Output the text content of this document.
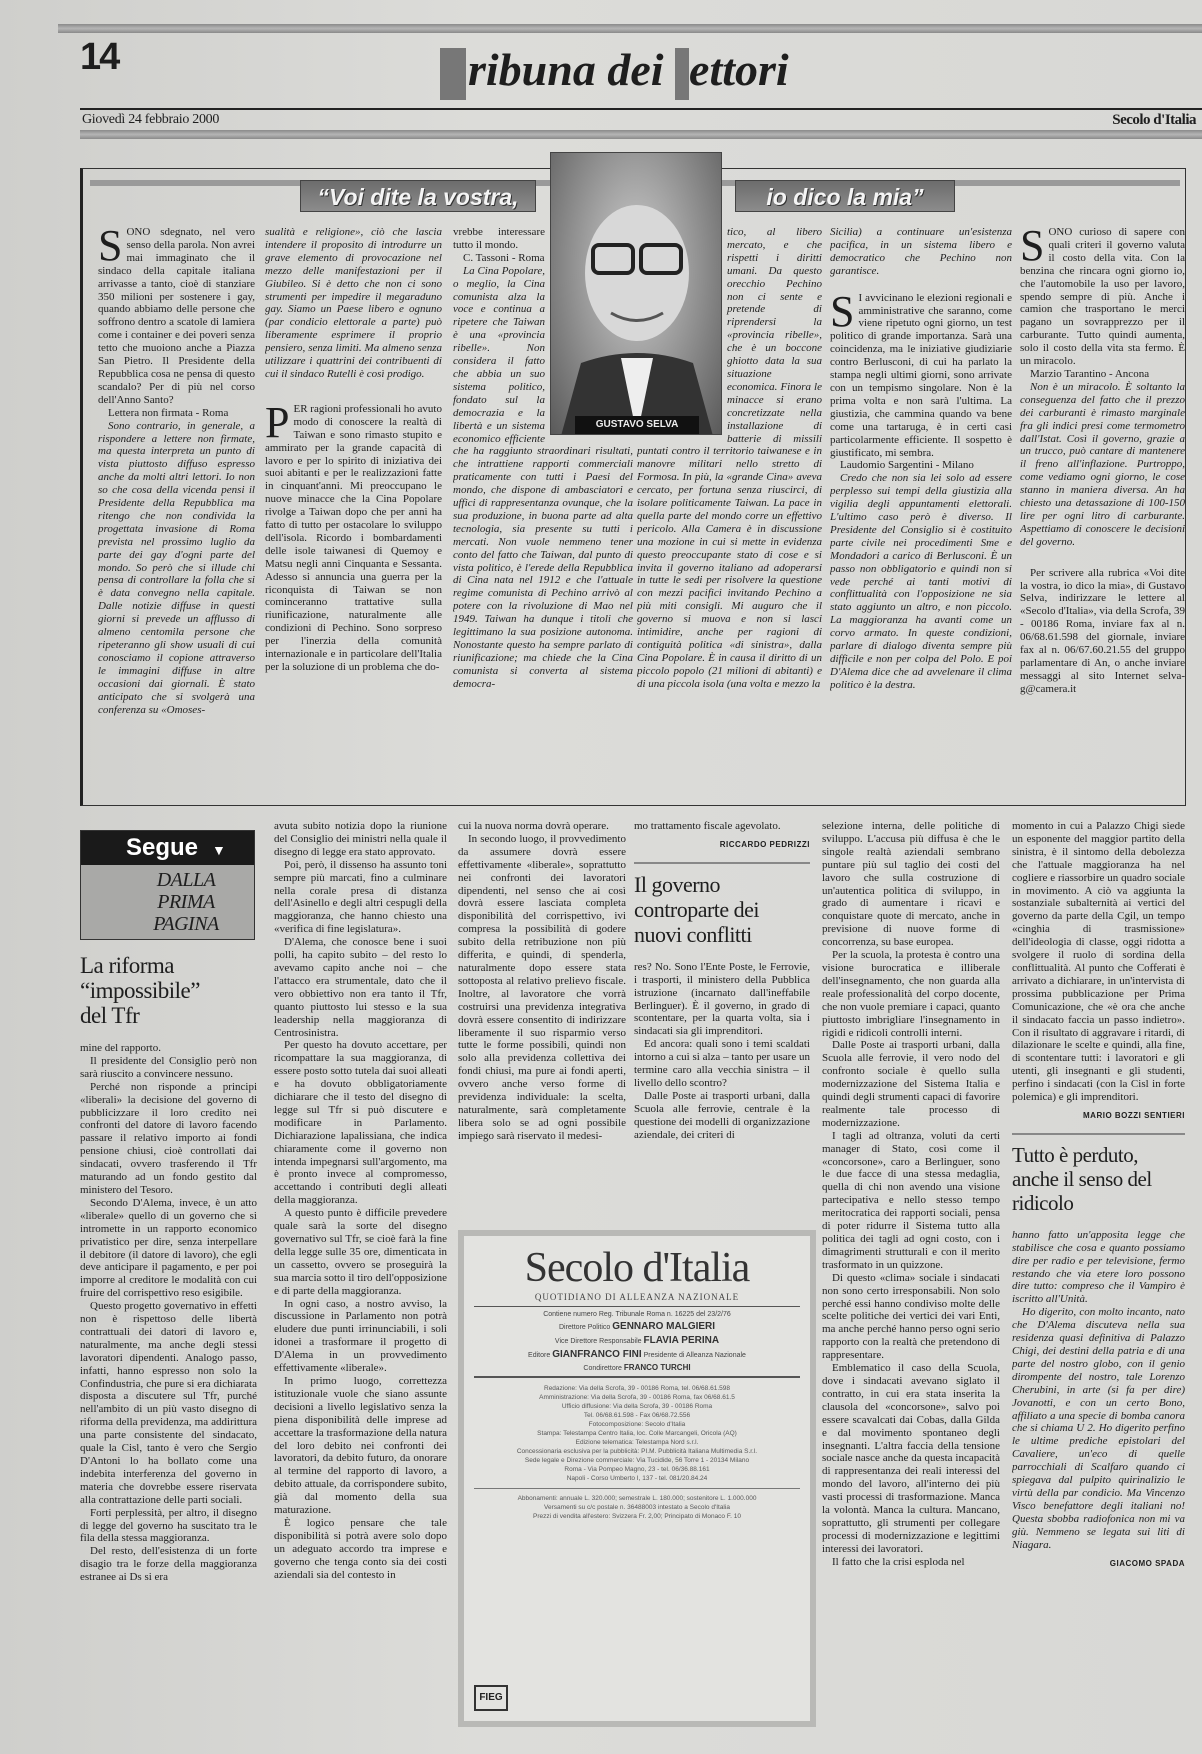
14	ribuna dei ettori
Giovedì 24 febbraio 2000	Secolo d'Italia
“Voi dite la vostra,	io dico la mia”
GUSTAVO SELVA

SONO sdegnato, nel vero senso della parola. Non avrei mai immaginato che il sindaco della capitale italiana arrivasse a tanto, cioè di stanziare 350 milioni per sostenere i gay, quando abbiamo delle persone che soffrono dentro a scatole di lamiera come i container e dei poveri senza tetto che muoiono anche a Piazza San Pietro. Il Presidente della Repubblica cosa ne pensa di questo scandalo? Per di più nel corso dell'Anno Santo?

Lettera non firmata - Roma

Sono contrario, in generale, a rispondere a lettere non firmate, ma questa interpreta un punto di vista piuttosto diffuso espresso anche da molti altri lettori. Io non so che cosa della vicenda pensi il Presidente della Repubblica ma ritengo che non condivida la progettata invasione di Roma prevista nel prossimo luglio da parte dei gay d'ogni parte del mondo. So però che si illude chi pensa di controllare la folla che si è data convegno nella capitale. Dalle notizie diffuse in questi giorni si prevede un afflusso di almeno centomila persone che ripeteranno gli show usuali di cui conosciamo il copione attraverso le immagini diffuse in altre occasioni dai giornali. È stato anticipato che si svolgerà una conferenza su «Omoses-

sualità e religione», ciò che lascia intendere il proposito di introdurre un grave elemento di provocazione nel mezzo delle manifestazioni per il Giubileo. Si è detto che non ci sono strumenti per impedire il megaraduno gay. Siamo un Paese libero e ognuno (par condicio elettorale a parte) può liberamente esprimere il proprio pensiero, senza limiti. Ma almeno senza utilizzare i quattrini dei contribuenti di cui il sindaco Rutelli è così prodigo.

PER ragioni professionali ho avuto modo di conoscere la realtà di Taiwan e sono rimasto stupito e ammirato per la grande capacità di lavoro e per lo spirito di iniziativa dei suoi abitanti e per le realizzazioni fatte in cinquant'anni. Mi preoccupano le nuove minacce che la Cina Popolare rivolge a Taiwan dopo che per anni ha fatto di tutto per ostacolare lo sviluppo dell'isola. Ricordo i bombardamenti delle isole taiwanesi di Quemoy e Matsu negli anni Cinquanta e Sessanta. Adesso si annuncia una guerra per la riconquista di Taiwan se non cominceranno trattative sulla riunificazione, naturalmente alle condizioni di Pechino. Sono sorpreso per l'inerzia della comunità internazionale e in particolare dell'Italia per la soluzione di un problema che do-

vrebbe interessare tutto il mondo.

C. Tassoni - Roma

La Cina Popolare, o meglio, la Cina comunista alza la voce e continua a ripetere che Taiwan è una «provincia ribelle». Non considera il fatto che abbia un suo sistema politico, fondato sul la democrazia e la libertà e un sistema economico efficiente che ha raggiunto straordinari risultati, che intrattiene rapporti commerciali praticamente con tutti i Paesi del mondo, che dispone di ambasciatori e uffici di rappresentanza ovunque, che la sua produzione, in buona parte ad alta tecnologia, sia presente su tutti i mercati. Non vuole nemmeno tener conto del fatto che Taiwan, dal punto di vista politico, è l'erede della Repubblica di Cina nata nel 1912 e che l'attuale regime comunista di Pechino arrivò al potere con la rivoluzione di Mao nel 1949. Taiwan ha dunque i titoli che legittimano la sua posizione autonoma. Nonostante questo ha sempre parlato di riunificazione; ma chiede che la Cina comunista si converta al sistema democra-

tico, al libero mercato, e che rispetti i diritti umani. Da questo orecchio Pechino non ci sente e pretende di riprendersi la «provincia ribelle», che è un boccone ghiotto data la sua situazione economica. Finora le minacce si erano concretizzate nella installazione di batterie di missili puntati contro il territorio taiwanese e in manovre militari nello stretto di Formosa. In più, la «grande Cina» aveva cercato, per fortuna senza riuscirci, di isolare politicamente Taiwan. La pace in quella parte del mondo corre un effettivo pericolo. Alla Camera è in discussione una mozione in cui si mette in evidenza questo preoccupante stato di cose e si invita il governo italiano ad adoperarsi in tutte le sedi per risolvere la questione con mezzi pacifici invitando Pechino a più miti consigli. Mi auguro che il governo si muova e non si lasci intimidire, anche per ragioni di contiguità politica «di sinistra», dalla Cina Popolare. È in causa il diritto di un piccolo popolo (21 milioni di abitanti) e di una piccola isola (una volta e mezzo la

Sicilia) a continuare un'esistenza pacifica, in un sistema libero e democratico che Pechino non garantisce.

S I avvicinano le elezioni regionali e amministrative che saranno, come viene ripetuto ogni giorno, un test politico di grande importanza. Sarà una coincidenza, ma le iniziative giudiziarie contro Berlusconi, di cui ha parlato la stampa negli ultimi giorni, sono arrivate con un tempismo singolare. Non è la prima volta e non sarà l'ultima. La giustizia, che cammina quando va bene come una tartaruga, è in certi casi particolarmente efficiente. Il sospetto è giustificato, mi sembra.

Laudomio Sargentini - Milano

Credo che non sia lei solo ad essere perplesso sui tempi della giustizia alla vigilia degli appuntamenti elettorali. L'ultimo caso però è diverso. Il Presidente del Consiglio si è costituito parte civile nei procedimenti Sme e Mondadori a carico di Berlusconi. È un passo non obbligatorio e quindi non si vede perché ai tanti motivi di conflittualità con l'opposizione ne sia stato aggiunto un altro, e non piccolo. La maggioranza ha avanti come un corvo armato. In queste condizioni, parlare di dialogo diventa sempre più difficile e non per colpa del Polo. E poi D'Alema dice che ad avvelenare il clima politico è la destra.

SONO curioso di sapere con quali criteri il governo valuta il costo della vita. Con la benzina che rincara ogni giorno io, che l'automobile la uso per lavoro, spendo sempre di più. Anche i camion che trasportano le merci pagano un sovrapprezzo per il carburante. Tutto quindi aumenta, solo il costo della vita sta fermo. È un miracolo.

Marzio Tarantino - Ancona

Non è un miracolo. È soltanto la conseguenza del fatto che il prezzo dei carburanti è rimasto marginale fra gli indici presi come termometro dall'Istat. Così il governo, grazie a un trucco, può cantare di mantenere il freno all'inflazione. Purtroppo, come vediamo ogni giorno, le cose stanno in maniera diversa. An ha chiesto una detassazione di 100-150 lire per ogni litro di carburante. Aspettiamo di conoscere le decisioni del governo.

Per scrivere alla rubrica «Voi dite la vostra, io dico la mia», di Gustavo Selva, indirizzare le lettere al «Secolo d'Italia», via della Scrofa, 39 - 00186 Roma, inviare fax al n. 06/68.61.598 del giornale, inviare fax al n. 06/67.60.21.55 del gruppo parlamentare di An, o anche inviare messaggi al sito Internet selva-g@camera.it

Segue ▼
DALLA PRIMA PAGINA
La riforma “impossibile” del Tfr

mine del rapporto.

Il presidente del Consiglio però non sarà riuscito a convincere nessuno.

Perché non risponde a principi «liberali» la decisione del governo di pubblicizzare il loro credito nei confronti del datore di lavoro facendo passare il relativo importo ai fondi pensione chiusi, cioè controllati dai sindacati, ovvero trasferendo il Tfr maturando ad un fondo gestito dal ministero del Tesoro.

Secondo D'Alema, invece, è un atto «liberale» quello di un governo che si intromette in un rapporto economico privatistico per dire, senza interpellare il debitore (il datore di lavoro), che egli deve anticipare il pagamento, e per poi imporre al creditore le modalità con cui fruire del corrispettivo reso esigibile.

Questo progetto governativo in effetti non è rispettoso delle libertà contrattuali dei datori di lavoro e, naturalmente, ma anche degli stessi lavoratori dipendenti. Analogo passo, infatti, hanno espresso non solo la Confindustria, che pure si era dichiarata disposta a discutere sul Tfr, purché nell'ambito di un più vasto disegno di riforma della previdenza, ma addirittura una parte consistente del sindacato, quale la Cisl, tanto è vero che Sergio D'Antoni lo ha bollato come una indebita interferenza del governo in materia che dovrebbe essere riservata alla contrattazione delle parti sociali.

Forti perplessità, per altro, il disegno di legge del governo ha suscitato tra le fila della stessa maggioranza.

Del resto, dell'esistenza di un forte disagio tra le forze della maggioranza estranee ai Ds si era

avuta subito notizia dopo la riunione del Consiglio dei ministri nella quale il disegno di legge era stato approvato.

Poi, però, il dissenso ha assunto toni sempre più marcati, fino a culminare nella corale presa di distanza dell'Asinello e degli altri cespugli della maggioranza, che hanno chiesto una «verifica di fine legislatura».

D'Alema, che conosce bene i suoi polli, ha capito subito – del resto lo avevamo capito anche noi – che l'attacco era strumentale, dato che il vero obbiettivo non era tanto il Tfr, quanto piuttosto lui stesso e la sua leadership nella maggioranza di Centrosinistra.

Per questo ha dovuto accettare, per ricompattare la sua maggioranza, di essere posto sotto tutela dai suoi alleati e ha dovuto obbligatoriamente dichiarare che il testo del disegno di legge sul Tfr si può discutere e modificare in Parlamento. Dichiarazione lapalissiana, che indica chiaramente come il governo non intenda impegnarsi sull'argomento, ma è pronto invece al compromesso, accettando i contributi degli alleati della maggioranza.

A questo punto è difficile prevedere quale sarà la sorte del disegno governativo sul Tfr, se cioè farà la fine della legge sulle 35 ore, dimenticata in un cassetto, ovvero se proseguirà la sua marcia sotto il tiro dell'opposizione e di parte della maggioranza.

In ogni caso, a nostro avviso, la discussione in Parlamento non potrà eludere due punti irrinunciabili, i soli idonei a trasformare il progetto di D'Alema in un provvedimento effettivamente «liberale».

In primo luogo, correttezza istituzionale vuole che siano assunte decisioni a livello legislativo senza la piena disponibilità delle imprese ad accettare la trasformazione della natura del loro debito nei confronti dei lavoratori, da debito futuro, da onorare al termine del rapporto di lavoro, a debito attuale, da corrispondere subito, già dal momento della sua maturazione.

È logico pensare che tale disponibilità si potrà avere solo dopo un adeguato accordo tra imprese e governo che tenga conto sia dei costi aziendali sia del contesto in

cui la nuova norma dovrà operare.

In secondo luogo, il provvedimento da assumere dovrà essere effettivamente «liberale», soprattutto nei confronti dei lavoratori dipendenti, nel senso che ai così dovrà essere lasciata completa disponibilità del corrispettivo, ivi compresa la possibilità di godere subito della retribuzione non più differita, e quindi, di spenderla, naturalmente dopo essere stata sottoposta al relativo prelievo fiscale. Inoltre, al lavoratore che vorrà costruirsi una previdenza integrativa dovrà essere consentito di indirizzare liberamente il suo risparmio verso tutte le forme possibili, quindi non solo alla previdenza collettiva dei fondi chiusi, ma pure ai fondi aperti, ovvero anche verso forme di previdenza individuale: la scelta, naturalmente, sarà completamente libera solo se ad ogni possibile impiego sarà riservato il medesi-

mo trattamento fiscale agevolato.

RICCARDO PEDRIZZI
Il governo controparte dei nuovi conflitti

res? No. Sono l'Ente Poste, le Ferrovie, i trasporti, il ministero della Pubblica istruzione (incarnato dall'ineffabile Berlinguer). È il governo, in grado di scontentare, per la quarta volta, sia i sindacati sia gli imprenditori.

Ed ancora: quali sono i temi scaldati intorno a cui si alza – tanto per usare un termine caro alla vecchia sinistra – il livello dello scontro?

Dalle Poste ai trasporti urbani, dalla Scuola alle ferrovie, centrale è la questione dei modelli di organizzazione aziendale, dei criteri di

selezione interna, delle politiche di sviluppo. L'accusa più diffusa è che le singole realtà aziendali sembrano puntare più sul taglio dei costi del lavoro che sulla costruzione di un'autentica politica di sviluppo, in grado di aumentare i ricavi e conquistare quote di mercato, anche in previsione di nuove forme di concorrenza, su base europea.

Per la scuola, la protesta è contro una visione burocratica e illiberale dell'insegnamento, che non guarda alla reale professionalità del corpo docente, che non vuole premiare i capaci, quanto piuttosto imbrigliare l'insegnamento in rigidi e ridicoli controlli interni.

Dalle Poste ai trasporti urbani, dalla Scuola alle ferrovie, il vero nodo del confronto sociale è quello sulla modernizzazione del Sistema Italia e quindi degli strumenti capaci di favorire realmente tale processo di modernizzazione.

I tagli ad oltranza, voluti da certi manager di Stato, così come il «concorsone», caro a Berlinguer, sono le due facce di una stessa medaglia, quella di chi non avendo una visione partecipativa e nello stesso tempo meritocratica dei rapporti sociali, pensa di poter ridurre il Sistema tutto alla politica dei tagli ad ogni costo, con i dimagrimenti strutturali e con il merito trasformato in un quizzone.

Di questo «clima» sociale i sindacati non sono certo irresponsabili. Non solo perché essi hanno condiviso molte delle scelte politiche dei vertici dei vari Enti, ma anche perché hanno perso ogni serio rapporto con la realtà che pretendono di rappresentare.

Emblematico il caso della Scuola, dove i sindacati avevano siglato il contratto, in cui era stata inserita la clausola del «concorsone», salvo poi essere scavalcati dai Cobas, dalla Gilda e dal movimento spontaneo degli insegnanti. L'altra faccia della tensione sociale nasce anche da questa incapacità di rappresentanza dei reali interessi del mondo del lavoro, all'interno dei più vasti processi di trasformazione. Manca la volontà. Manca la cultura. Mancano, soprattutto, gli strumenti per collegare processi di modernizzazione e legittimi interessi dei lavoratori.

Il fatto che la crisi esploda nel

momento in cui a Palazzo Chigi siede un esponente del maggior partito della sinistra, è il sintomo della debolezza che l'attuale maggioranza ha nel cogliere e riassorbire un quadro sociale in movimento. A ciò va aggiunta la sostanziale subalternità ai vertici del governo da parte della Cgil, un tempo «cinghia di trasmissione» dell'ideologia di classe, oggi ridotta a svolgere il ruolo di sordina della conflittualità. Al punto che Cofferati è arrivato a dichiarare, in un'intervista di prossima pubblicazione per Prima Comunicazione, che «è ora che anche il sindacato faccia un passo indietro». Con il risultato di aggravare i ritardi, di dilazionare le scelte e quindi, alla fine, di scontentare tutti: i lavoratori e gli utenti, gli insegnanti e gli studenti, perfino i sindacati (con la Cisl in forte polemica) e gli imprenditori.

MARIO BOZZI SENTIERI
Tutto è perduto, anche il senso del ridicolo

hanno fatto un'apposita legge che stabilisce che cosa e quanto possiamo dire per radio e per televisione, fermo restando che via etere loro possono dire tutto: compreso che il Vampiro è iscritto all'Unità.

Ho digerito, con molto incanto, nato che D'Alema discuteva nella sua residenza quasi definitiva di Palazzo Chigi, dei destini della patria e di una parte del nostro globo, con il genio dirompente del nostro, tale Lorenzo Cherubini, in arte (si fa per dire) Jovanotti, e con un certo Bono, affiliato a una specie di bomba canora che si chiama U 2. Ho digerito perfino le ultime prediche epistolari del Cavaliere, un'eco di quelle parrocchiali di Scalfaro quando ci spiegava dal pulpito quirinalizio le virtù della par condicio. Ma Vincenzo Visco benefattore degli italiani no! Questa sbobba radiofonica non mi va giù. Nemmeno se legata sui liti di Niagara.

GIACOMO SPADA
Secolo d'Italia
QUOTIDIANO DI ALLEANZA NAZIONALE
Contiene numero Reg. Tribunale Roma n. 16225 del 23/2/76
Direttore Politico GENNARO MALGIERI
Vice Direttore Responsabile FLAVIA PERINA
Editore GIANFRANCO FINI Presidente di Alleanza Nazionale
Condirettore FRANCO TURCHI
Redazione: Via della Scrofa, 39 - 00186 Roma, tel. 06/68.61.598
Amministrazione: Via della Scrofa, 39 - 00186 Roma, fax 06/68.61.5
Ufficio diffusione: Via della Scrofa, 39 - 00186 Roma
Tel. 06/68.61.598 - Fax 06/68.72.556
Fotocomposizione: Secolo d'Italia
Stampa: Telestampa Centro Italia, loc. Colle Marcangeli, Oricola (AQ)
Edizione telematica: Telestampa Nord s.r.l.
Concessionaria esclusiva per la pubblicità: PI.M. Pubblicità Italiana Multimedia S.r.l.
Sede legale e Direzione commerciale: Via Tucidide, 56 Torre 1 - 20134 Milano
Roma - Via Pompeo Magno, 23 - tel. 06/36.88.161
Napoli - Corso Umberto I, 137 - tel. 081/20.84.24
Abbonamenti: annuale L. 320.000; semestrale L. 180.000; sostenitore L. 1.000.000
Versamenti su c/c postale n. 36488003 intestato a Secolo d'Italia
Prezzi di vendita all'estero: Svizzera Fr. 2,00; Principato di Monaco F. 10
FIEG
